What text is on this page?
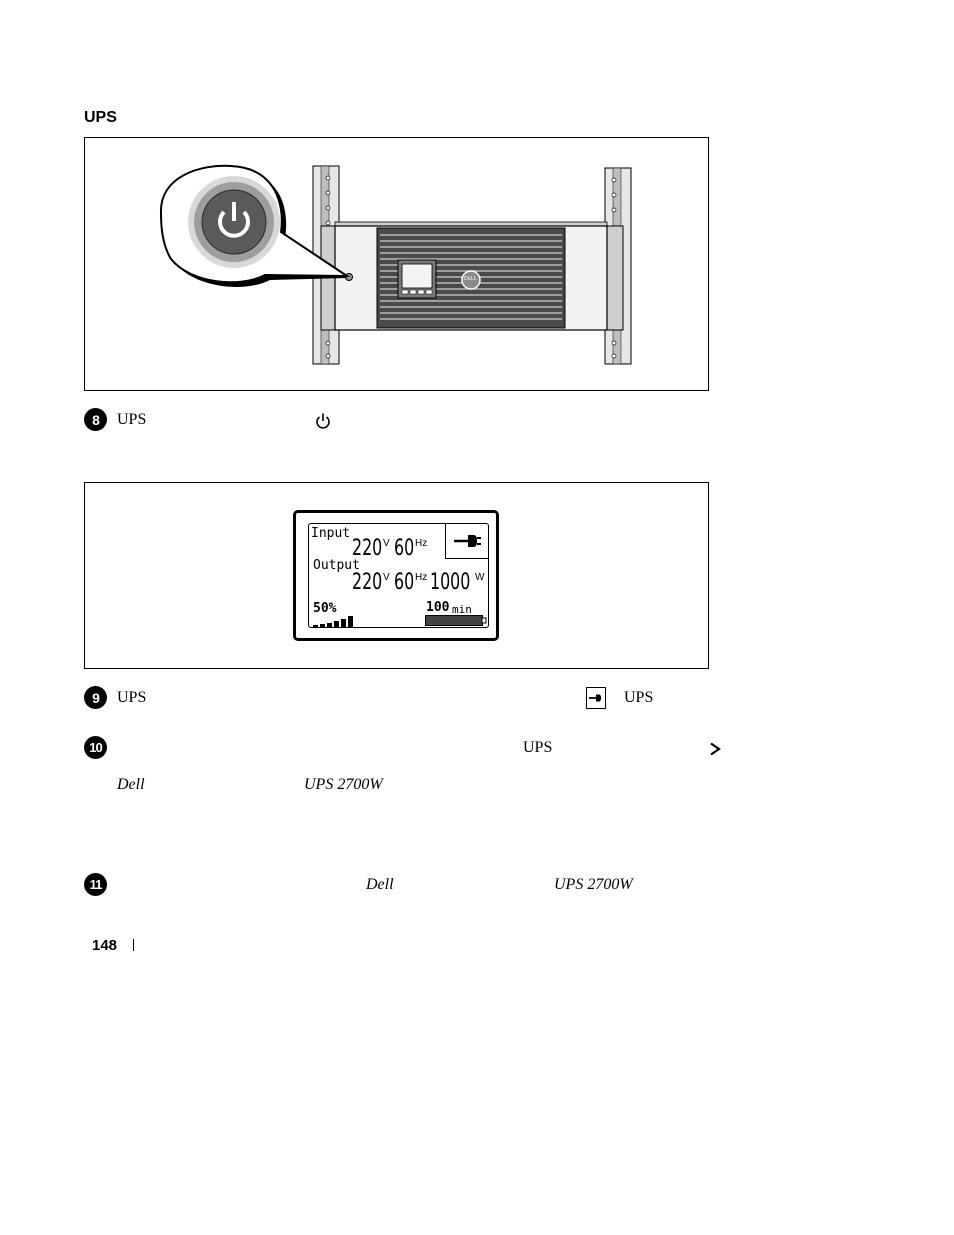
UPS
DELL
8	UPS
Input
220 V 60 Hz
Output
220 V 60 Hz 1000 W
50%	100 min
9	UPS	UPS
10	UPS
Dell	UPS 2700W
11	Dell	UPS 2700W
148
